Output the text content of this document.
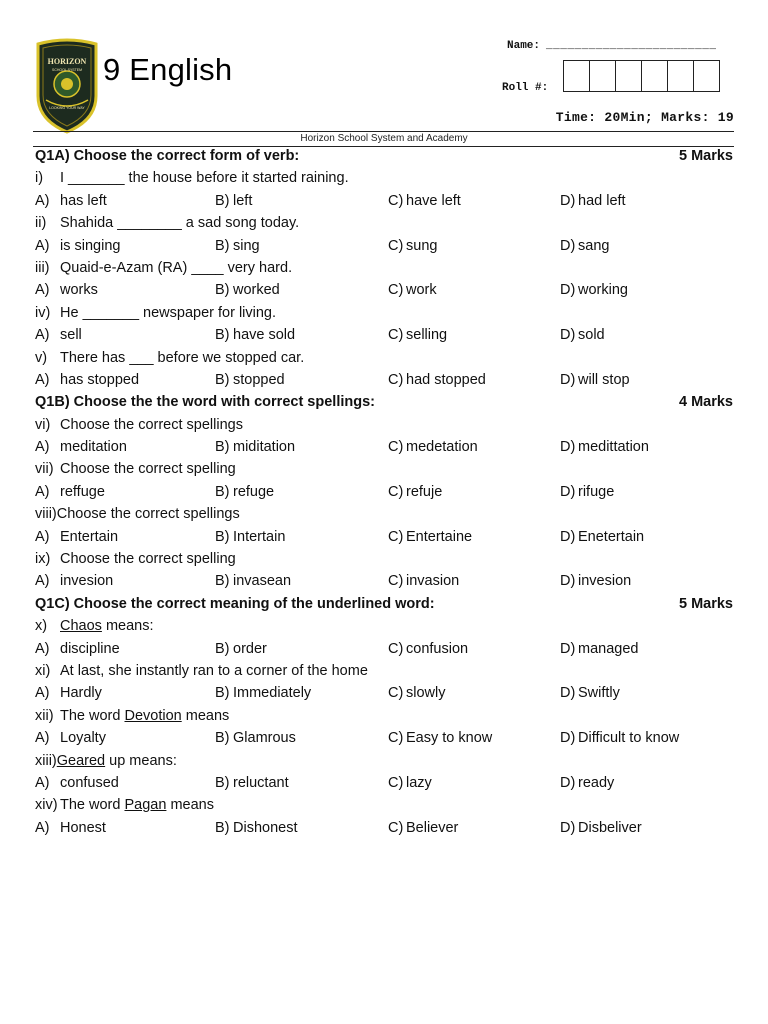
HORIZON
SCHOOL SYSTEM
LOOKING YOUR WAY
9 English
Name: ________________________
Roll #:
Time: 20Min; Marks: 19
Horizon School System and Academy
Q1A) Choose the correct form of verb:	5 Marks
i) I _______ the house before it started raining.
A) has left	B) left	C) have left	D) had left
ii) Shahida ________ a sad song today.
A) is singing	B) sing	C) sung	D) sang
iii) Quaid-e-Azam (RA) ____ very hard.
A) works	B) worked	C) work	D) working
iv) He _______ newspaper for living.
A) sell	B) have sold	C) selling	D) sold
v) There has ___ before we stopped car.
A) has stopped	B) stopped	C) had stopped	D) will stop
Q1B) Choose the the word with correct spellings:	4 Marks
vi) Choose the correct spellings
A) meditation	B) miditation	C) medetation	D) medittation
vii) Choose the correct spelling
A) reffuge	B) refuge	C) refuje	D) rifuge
viii)Choose the correct spellings
A) Entertain	B) Intertain	C) Entertaine	D) Enetertain
ix) Choose the correct spelling
A) invesion	B) invasean	C) invasion	D) invesion
Q1C) Choose the correct meaning of the underlined word:	5 Marks
x) Chaos means:
A) discipline	B) order	C) confusion	D) managed
xi) At last, she instantly ran to a corner of the home
A) Hardly	B) Immediately	C) slowly	D) Swiftly
xii) The word Devotion means
A) Loyalty	B) Glamrous	C) Easy to know	D) Difficult to know
xiii)Geared up means:
A) confused	B) reluctant	C) lazy	D) ready
xiv) The word Pagan means
A) Honest	B) Dishonest	C) Believer	D) Disbeliver
